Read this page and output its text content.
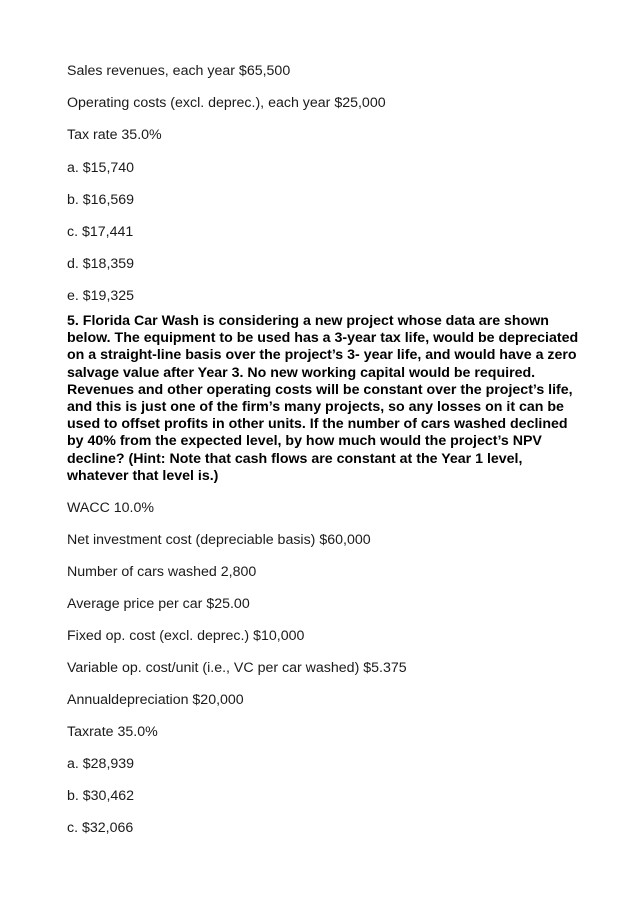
Sales revenues, each year $65,500

Operating costs (excl. deprec.), each year $25,000

Tax rate 35.0%

a. $15,740

b. $16,569

c. $17,441

d. $18,359

e. $19,325

5. Florida Car Wash is considering a new project whose data are shown
below. The equipment to be used has a 3-year tax life, would be depreciated
on a straight-line basis over the project’s 3- year life, and would have a zero
salvage value after Year 3. No new working capital would be required.
Revenues and other operating costs will be constant over the project’s life,
and this is just one of the firm’s many projects, so any losses on it can be
used to offset profits in other units. If the number of cars washed declined
by 40% from the expected level, by how much would the project’s NPV
decline? (Hint: Note that cash flows are constant at the Year 1 level,
whatever that level is.)

WACC 10.0%

Net investment cost (depreciable basis) $60,000

Number of cars washed 2,800

Average price per car $25.00

Fixed op. cost (excl. deprec.) $10,000

Variable op. cost/unit (i.e., VC per car washed) $5.375

Annualdepreciation $20,000

Taxrate 35.0%

a. $28,939

b. $30,462

c. $32,066
